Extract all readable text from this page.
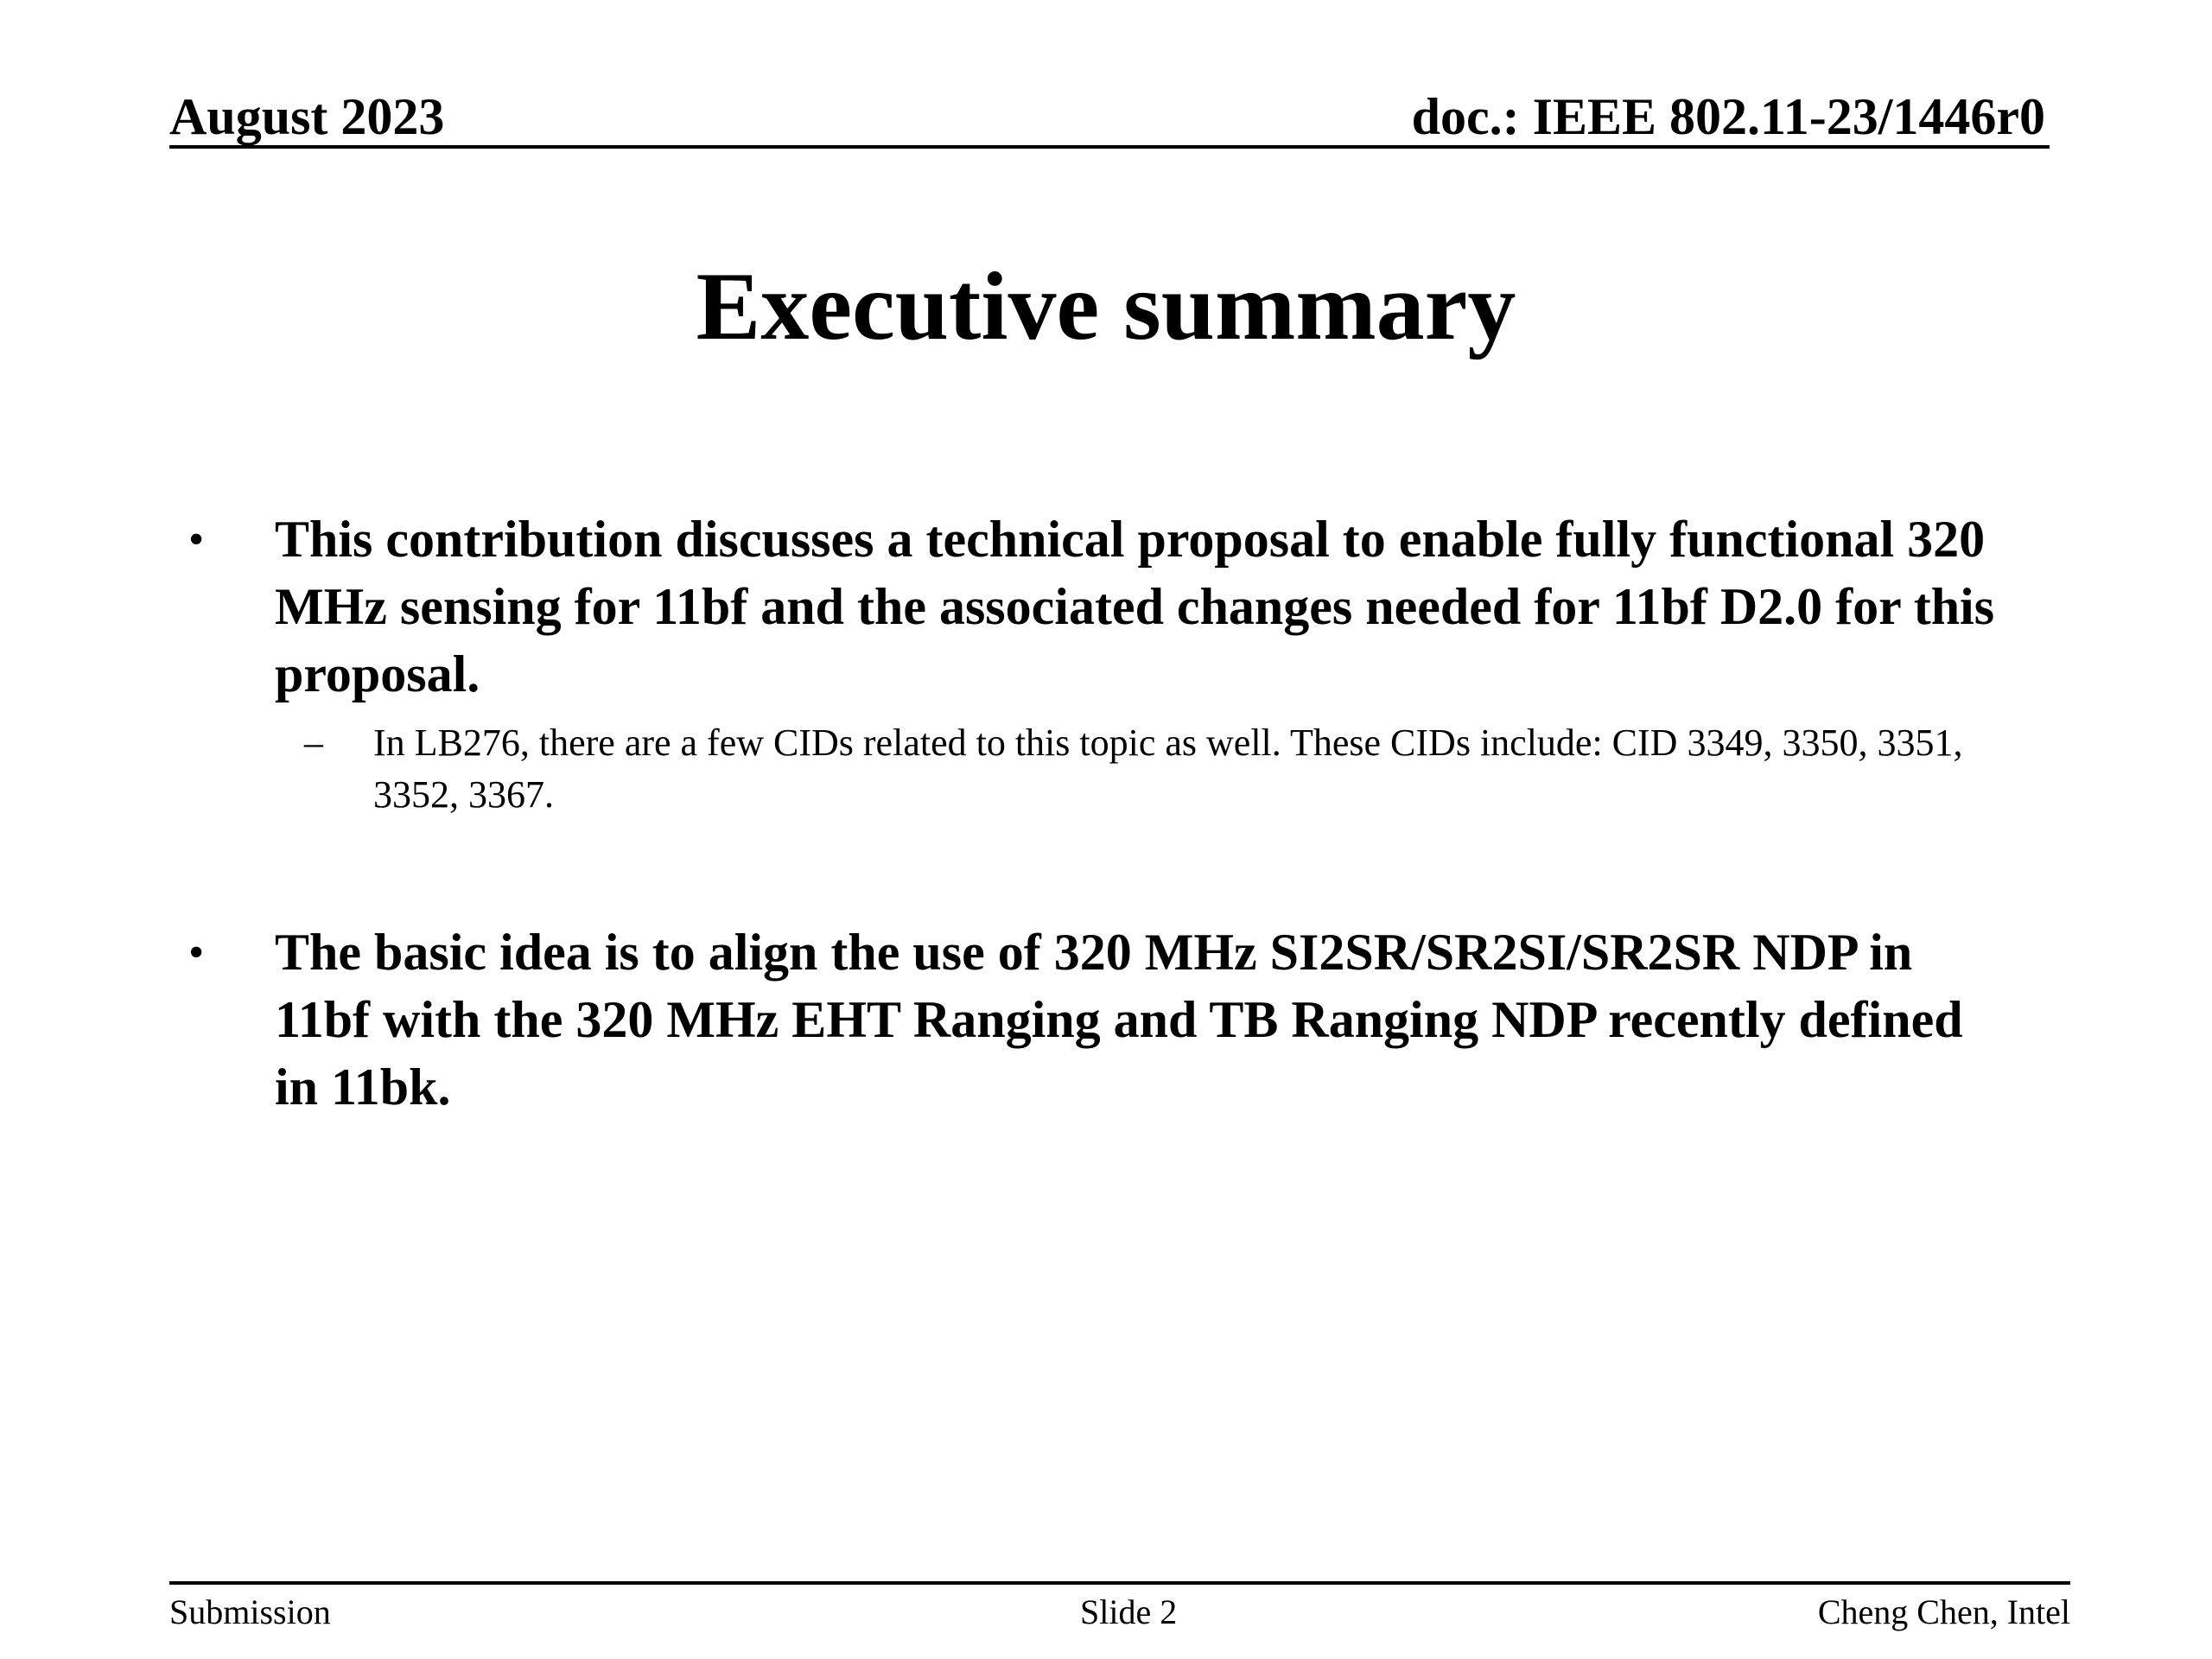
August 2023	doc.: IEEE 802.11-23/1446r0
Executive summary
• This contribution discusses a technical proposal to enable fully functional 320 MHz sensing for 11bf and the associated changes needed for 11bf D2.0 for this proposal.
– In LB276, there are a few CIDs related to this topic as well. These CIDs include: CID 3349, 3350, 3351, 3352, 3367.
• The basic idea is to align the use of 320 MHz SI2SR/SR2SI/SR2SR NDP in 11bf with the 320 MHz EHT Ranging and TB Ranging NDP recently defined in 11bk.
Submission	Slide 2	Cheng Chen, Intel
